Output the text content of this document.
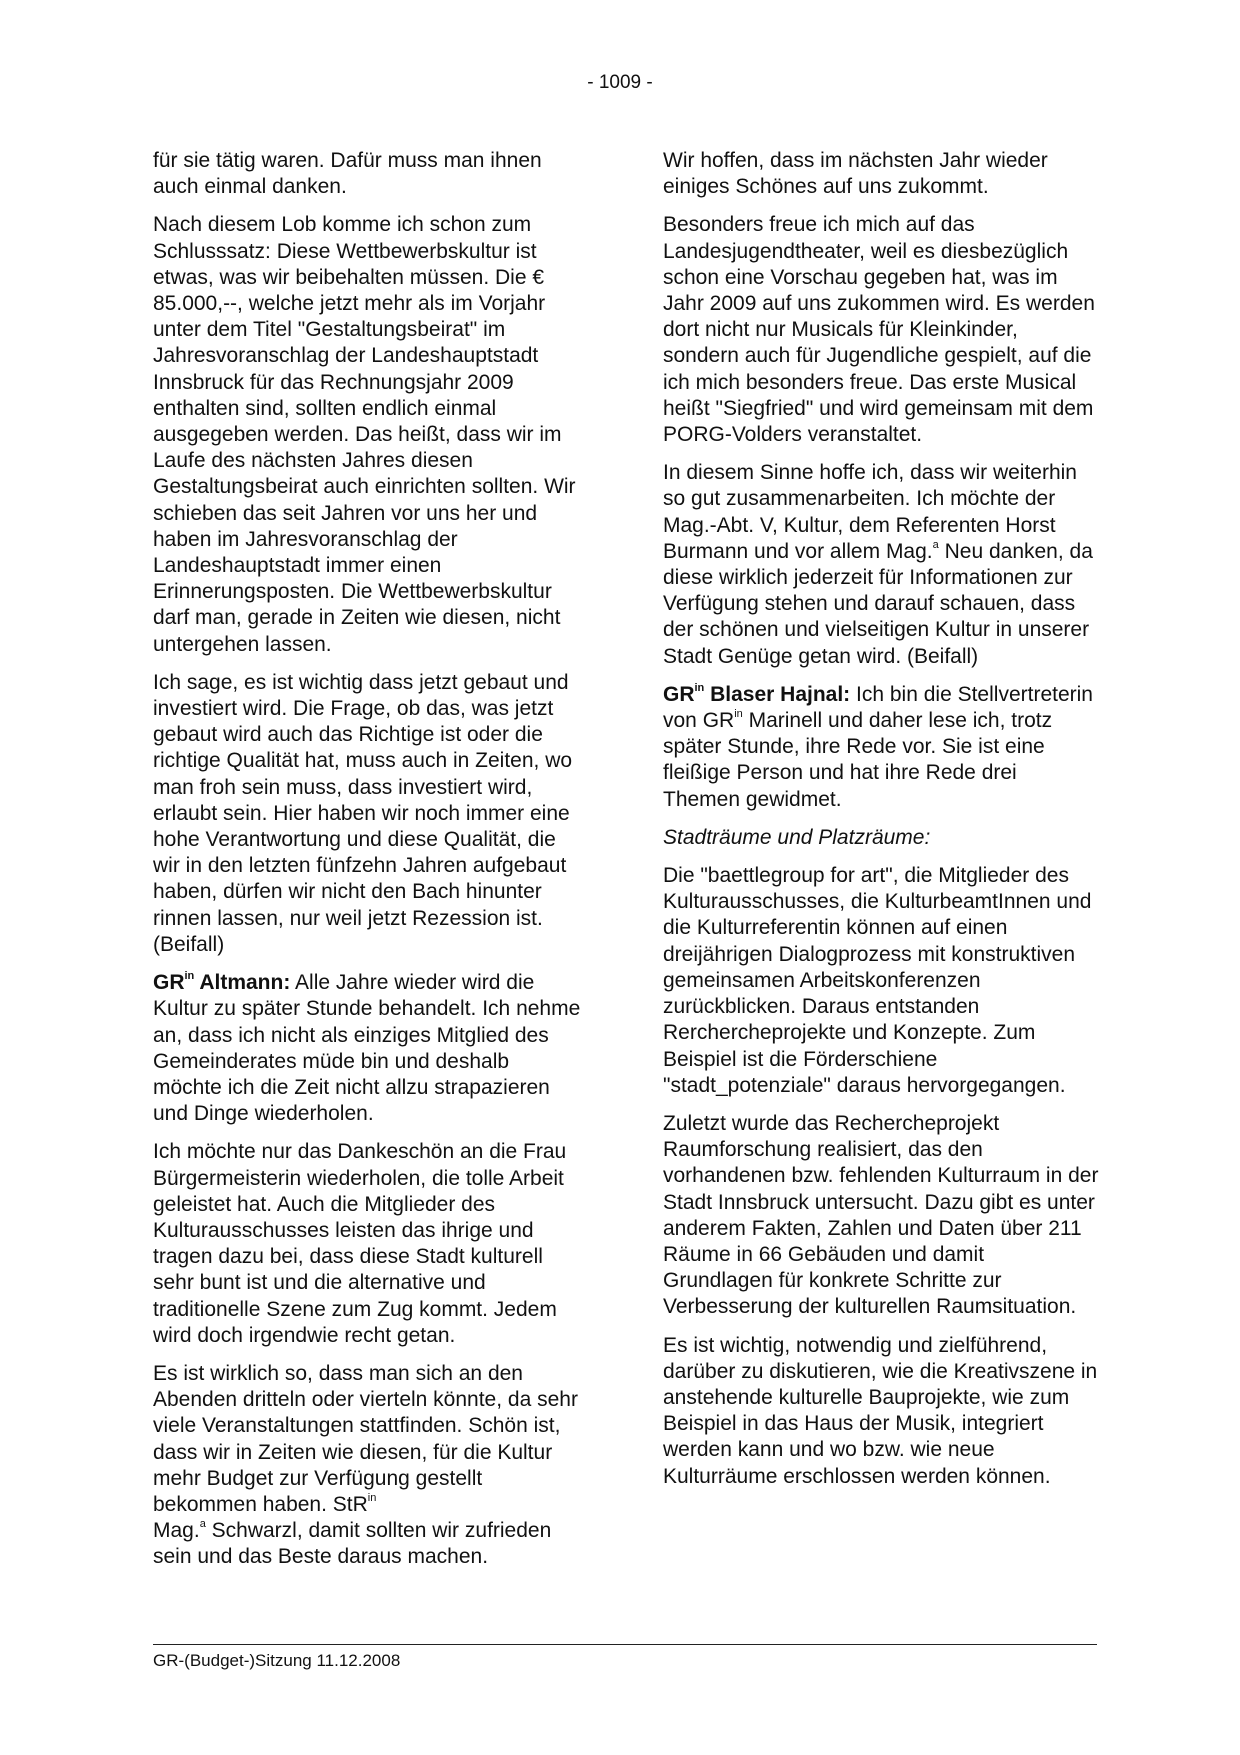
- 1009 -

für sie tätig waren. Dafür muss man ihnen auch einmal danken.

Nach diesem Lob komme ich schon zum Schlusssatz: Diese Wettbewerbskultur ist etwas, was wir beibehalten müssen. Die € 85.000,--, welche jetzt mehr als im Vorjahr unter dem Titel "Gestaltungsbeirat" im Jahresvoranschlag der Landeshauptstadt Innsbruck für das Rechnungsjahr 2009 enthalten sind, sollten endlich einmal ausgegeben werden. Das heißt, dass wir im Laufe des nächsten Jahres diesen Gestaltungsbeirat auch einrichten sollten. Wir schieben das seit Jahren vor uns her und haben im Jahresvoranschlag der Landeshauptstadt immer einen Erinnerungsposten. Die Wettbewerbskultur darf man, gerade in Zeiten wie diesen, nicht untergehen lassen.

Ich sage, es ist wichtig dass jetzt gebaut und investiert wird. Die Frage, ob das, was jetzt gebaut wird auch das Richtige ist oder die richtige Qualität hat, muss auch in Zeiten, wo man froh sein muss, dass investiert wird, erlaubt sein. Hier haben wir noch immer eine hohe Verantwortung und diese Qualität, die wir in den letzten fünfzehn Jahren aufgebaut haben, dürfen wir nicht den Bach hinunter rinnen lassen, nur weil jetzt Rezession ist. (Beifall)

$GR^{in}$ Altmann: Alle Jahre wieder wird die Kultur zu später Stunde behandelt. Ich nehme an, dass ich nicht als einziges Mitglied des Gemeinderates müde bin und deshalb möchte ich die Zeit nicht allzu strapazieren und Dinge wiederholen.

Ich möchte nur das Dankeschön an die Frau Bürgermeisterin wiederholen, die tolle Arbeit geleistet hat. Auch die Mitglieder des Kulturausschusses leisten das ihrige und tragen dazu bei, dass diese Stadt kulturell sehr bunt ist und die alternative und traditionelle Szene zum Zug kommt. Jedem wird doch irgendwie recht getan.

Es ist wirklich so, dass man sich an den Abenden dritteln oder vierteln könnte, da sehr viele Veranstaltungen stattfinden. Schön ist, dass wir in Zeiten wie diesen, für die Kultur mehr Budget zur Verfügung gestellt bekommen haben. StR$^{in}$
Mag.$^a$ Schwarzl, damit sollten wir zufrieden sein und das Beste daraus machen.

Wir hoffen, dass im nächsten Jahr wieder einiges Schönes auf uns zukommt.

Besonders freue ich mich auf das Landesjugendtheater, weil es diesbezüglich schon eine Vorschau gegeben hat, was im Jahr 2009 auf uns zukommen wird. Es werden dort nicht nur Musicals für Kleinkinder, sondern auch für Jugendliche gespielt, auf die ich mich besonders freue. Das erste Musical heißt "Siegfried" und wird gemeinsam mit dem PORG-Volders veranstaltet.

In diesem Sinne hoffe ich, dass wir weiterhin so gut zusammenarbeiten. Ich möchte der Mag.-Abt. V, Kultur, dem Referenten Horst Burmann und vor allem Mag.$^a$ Neu danken, da diese wirklich jederzeit für Informationen zur Verfügung stehen und darauf schauen, dass der schönen und vielseitigen Kultur in unserer Stadt Genüge getan wird. (Beifall)

$GR^{in}$ Blaser Hajnal: Ich bin die Stellvertreterin von $GR^{in}$ Marinell und daher lese ich, trotz später Stunde, ihre Rede vor. Sie ist eine fleißige Person und hat ihre Rede drei Themen gewidmet.

Stadträume und Platzräume:

Die "baettlegroup for art", die Mitglieder des Kulturausschusses, die KulturbeamtInnen und die Kulturreferentin können auf einen dreijährigen Dialogprozess mit konstruktiven gemeinsamen Arbeitskonferenzen zurückblicken. Daraus entstanden Rerchercheprojekte und Konzepte. Zum Beispiel ist die Förderschiene "stadt_potenziale" daraus hervorgegangen.

Zuletzt wurde das Rechercheprojekt Raumforschung realisiert, das den vorhandenen bzw. fehlenden Kulturraum in der Stadt Innsbruck untersucht. Dazu gibt es unter anderem Fakten, Zahlen und Daten über 211 Räume in 66 Gebäuden und damit Grundlagen für konkrete Schritte zur Verbesserung der kulturellen Raumsituation.

Es ist wichtig, notwendig und zielführend, darüber zu diskutieren, wie die Kreativszene in anstehende kulturelle Bauprojekte, wie zum Beispiel in das Haus der Musik, integriert werden kann und wo bzw. wie neue Kulturräume erschlossen werden können.

GR-(Budget-)Sitzung 11.12.2008
